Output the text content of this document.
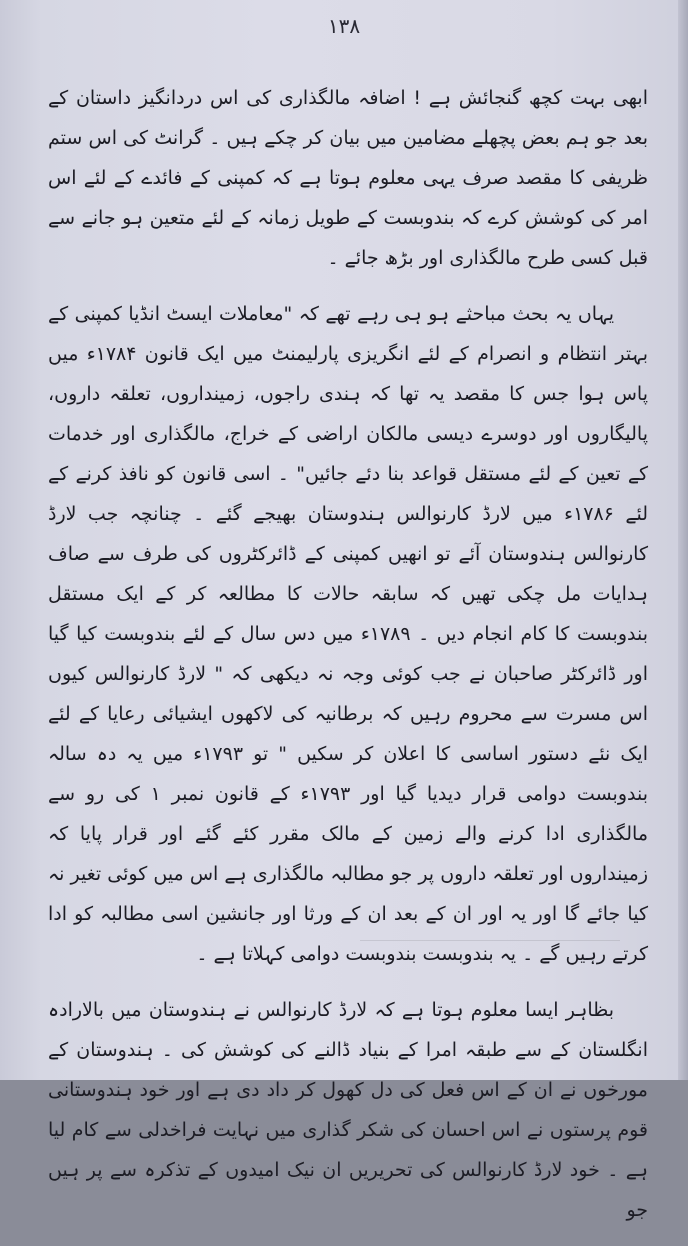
١٣٨

ابھی بہت کچھ گنجائش ہے ! اضافہ مالگذاری کی اس دردانگیز داستان کے بعد جو ہم بعض پچھلے مضامین میں بیان کر چکے ہیں ۔ گرانٹ کی اس ستم ظریفی کا مقصد صرف یہی معلوم ہوتا ہے کہ کمپنی کے فائدے کے لئے اس امر کی کوشش کرے کہ بندوبست کے طویل زمانہ کے لئے متعین ہو جانے سے قبل کسی طرح مالگذاری اور بڑھ جائے ۔

یہاں یہ بحث مباحثے ہو ہی رہے تھے کہ "معاملات ایسٹ انڈیا کمپنی کے بہتر انتظام و انصرام کے لئے انگریزی پارلیمنٹ میں ایک قانون ۱۷۸۴ء میں پاس ہوا جس کا مقصد یہ تھا کہ ہندی راجوں، زمینداروں، تعلقہ داروں، پالیگاروں اور دوسرے دیسی مالکان اراضی کے خراج، مالگذاری اور خدمات کے تعین کے لئے مستقل قواعد بنا دئے جائیں" ۔ اسی قانون کو نافذ کرنے کے لئے ۱۷۸۶ء میں لارڈ کارنوالس ہندوستان بھیجے گئے ۔ چنانچہ جب لارڈ کارنوالس ہندوستان آئے تو انھیں کمپنی کے ڈائرکٹروں کی طرف سے صاف ہدایات مل چکی تھیں کہ سابقہ حالات کا مطالعہ کر کے ایک مستقل بندوبست کا کام انجام دیں ۔ ۱۷۸۹ء میں دس سال کے لئے بندوبست کیا گیا اور ڈائرکٹر صاحبان نے جب کوئی وجہ نہ دیکھی کہ " لارڈ کارنوالس کیوں اس مسرت سے محروم رہیں کہ برطانیہ کی لاکھوں ایشیائی رعایا کے لئے ایک نئے دستور اساسی کا اعلان کر سکیں " تو ۱۷۹۳ء میں یہ دہ سالہ بندوبست دوامی قرار دیدیا گیا اور ۱۷۹۳ء کے قانون نمبر ۱ کی رو سے مالگذاری ادا کرنے والے زمین کے مالک مقرر کئے گئے اور قرار پایا کہ زمینداروں اور تعلقہ داروں پر جو مطالبہ مالگذاری ہے اس میں کوئی تغیر نہ کیا جائے گا اور یہ اور ان کے بعد ان کے ورثا اور جانشین اسی مطالبہ کو ادا کرتے رہیں گے ۔ یہ بندوبست بندوبست دوامی کہلاتا ہے ۔

بظاہر ایسا معلوم ہوتا ہے کہ لارڈ کارنوالس نے ہندوستان میں بالارادہ انگلستان کے سے طبقہ امرا کے بنیاد ڈالنے کی کوشش کی ۔ ہندوستان کے مورخوں نے ان کے اس فعل کی دل کھول کر داد دی ہے اور خود ہندوستانی قوم پرستوں نے اس احسان کی شکر گذاری میں نہایت فراخدلی سے کام لیا ہے ۔ خود لارڈ کارنوالس کی تحریریں ان نیک امیدوں کے تذکرہ سے پر ہیں جو
